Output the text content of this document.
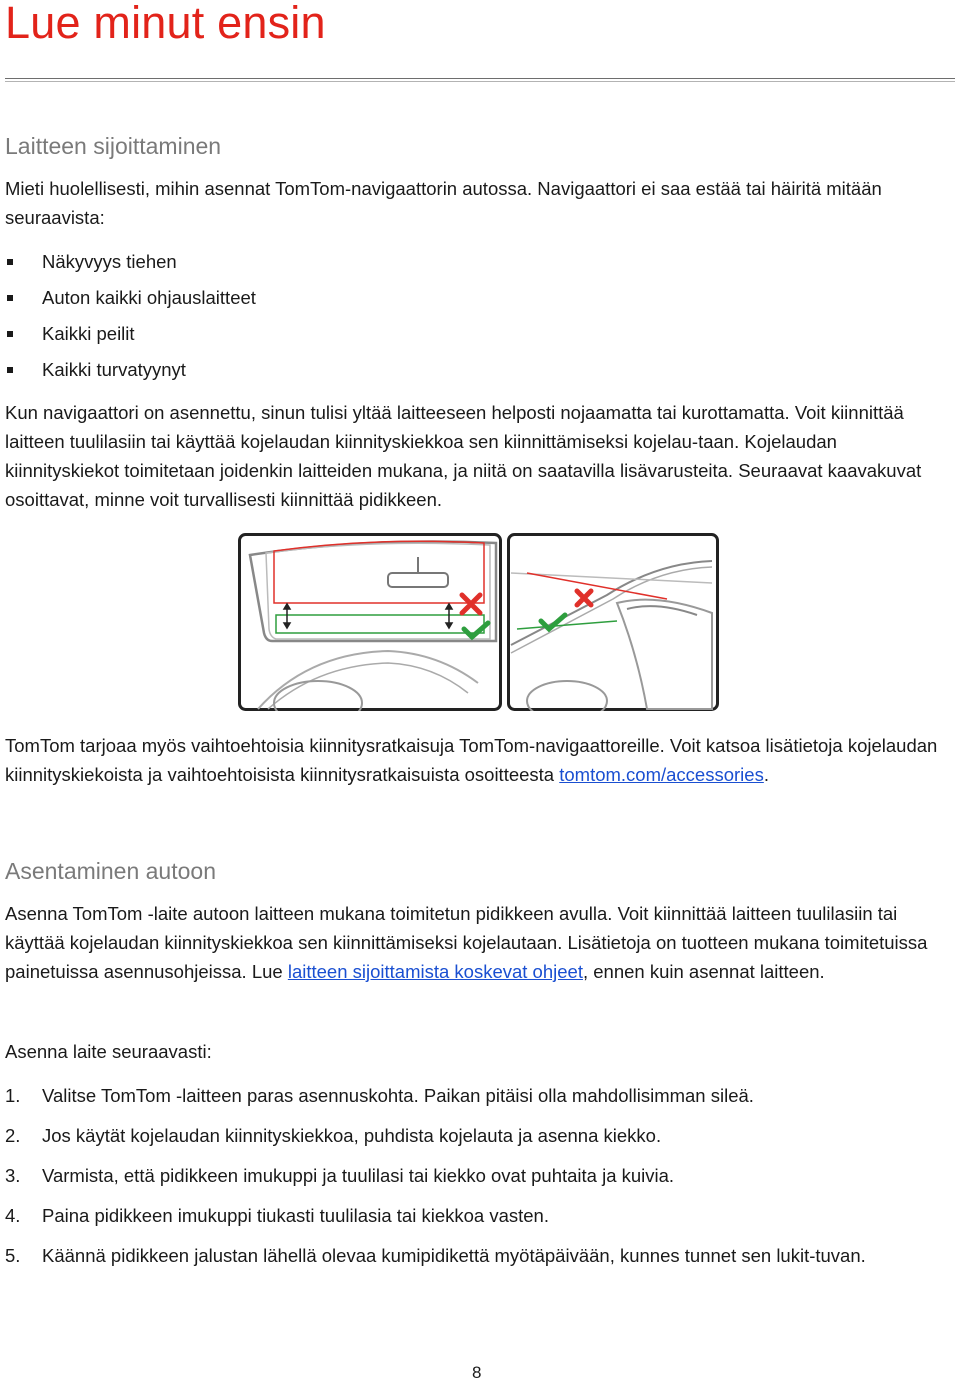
Lue minut ensin
Laitteen sijoittaminen

Mieti huolellisesti, mihin asennat TomTom-navigaattorin autossa. Navigaattori ei saa estää tai häiritä mitään seuraavista:

Näkyvyys tiehen
Auton kaikki ohjauslaitteet
Kaikki peilit
Kaikki turvatyynyt

Kun navigaattori on asennettu, sinun tulisi yltää laitteeseen helposti nojaamatta tai kurottamatta. Voit kiinnittää laitteen tuulilasiin tai käyttää kojelaudan kiinnityskiekkoa sen kiinnittämiseksi kojelau-taan. Kojelaudan kiinnityskiekot toimitetaan joidenkin laitteiden mukana, ja niitä on saatavilla lisävarusteita. Seuraavat kaavakuvat osoittavat, minne voit turvallisesti kiinnittää pidikkeen.

TomTom tarjoaa myös vaihtoehtoisia kiinnitysratkaisuja TomTom-navigaattoreille. Voit katsoa lisätietoja kojelaudan kiinnityskiekoista ja vaihtoehtoisista kiinnitysratkaisuista osoitteesta tomtom.com/accessories.

Asentaminen autoon

Asenna TomTom -laite autoon laitteen mukana toimitetun pidikkeen avulla. Voit kiinnittää laitteen tuulilasiin tai käyttää kojelaudan kiinnityskiekkoa sen kiinnittämiseksi kojelautaan. Lisätietoja on tuotteen mukana toimitetuissa painetuissa asennusohjeissa. Lue laitteen sijoittamista koskevat ohjeet, ennen kuin asennat laitteen.

Asenna laite seuraavasti:

1. Valitse TomTom -laitteen paras asennuskohta. Paikan pitäisi olla mahdollisimman sileä.
2. Jos käytät kojelaudan kiinnityskiekkoa, puhdista kojelauta ja asenna kiekko.
3. Varmista, että pidikkeen imukuppi ja tuulilasi tai kiekko ovat puhtaita ja kuivia.
4. Paina pidikkeen imukuppi tiukasti tuulilasia tai kiekkoa vasten.
5. Käännä pidikkeen jalustan lähellä olevaa kumipidikettä myötäpäivään, kunnes tunnet sen lukit-tuvan.
8
